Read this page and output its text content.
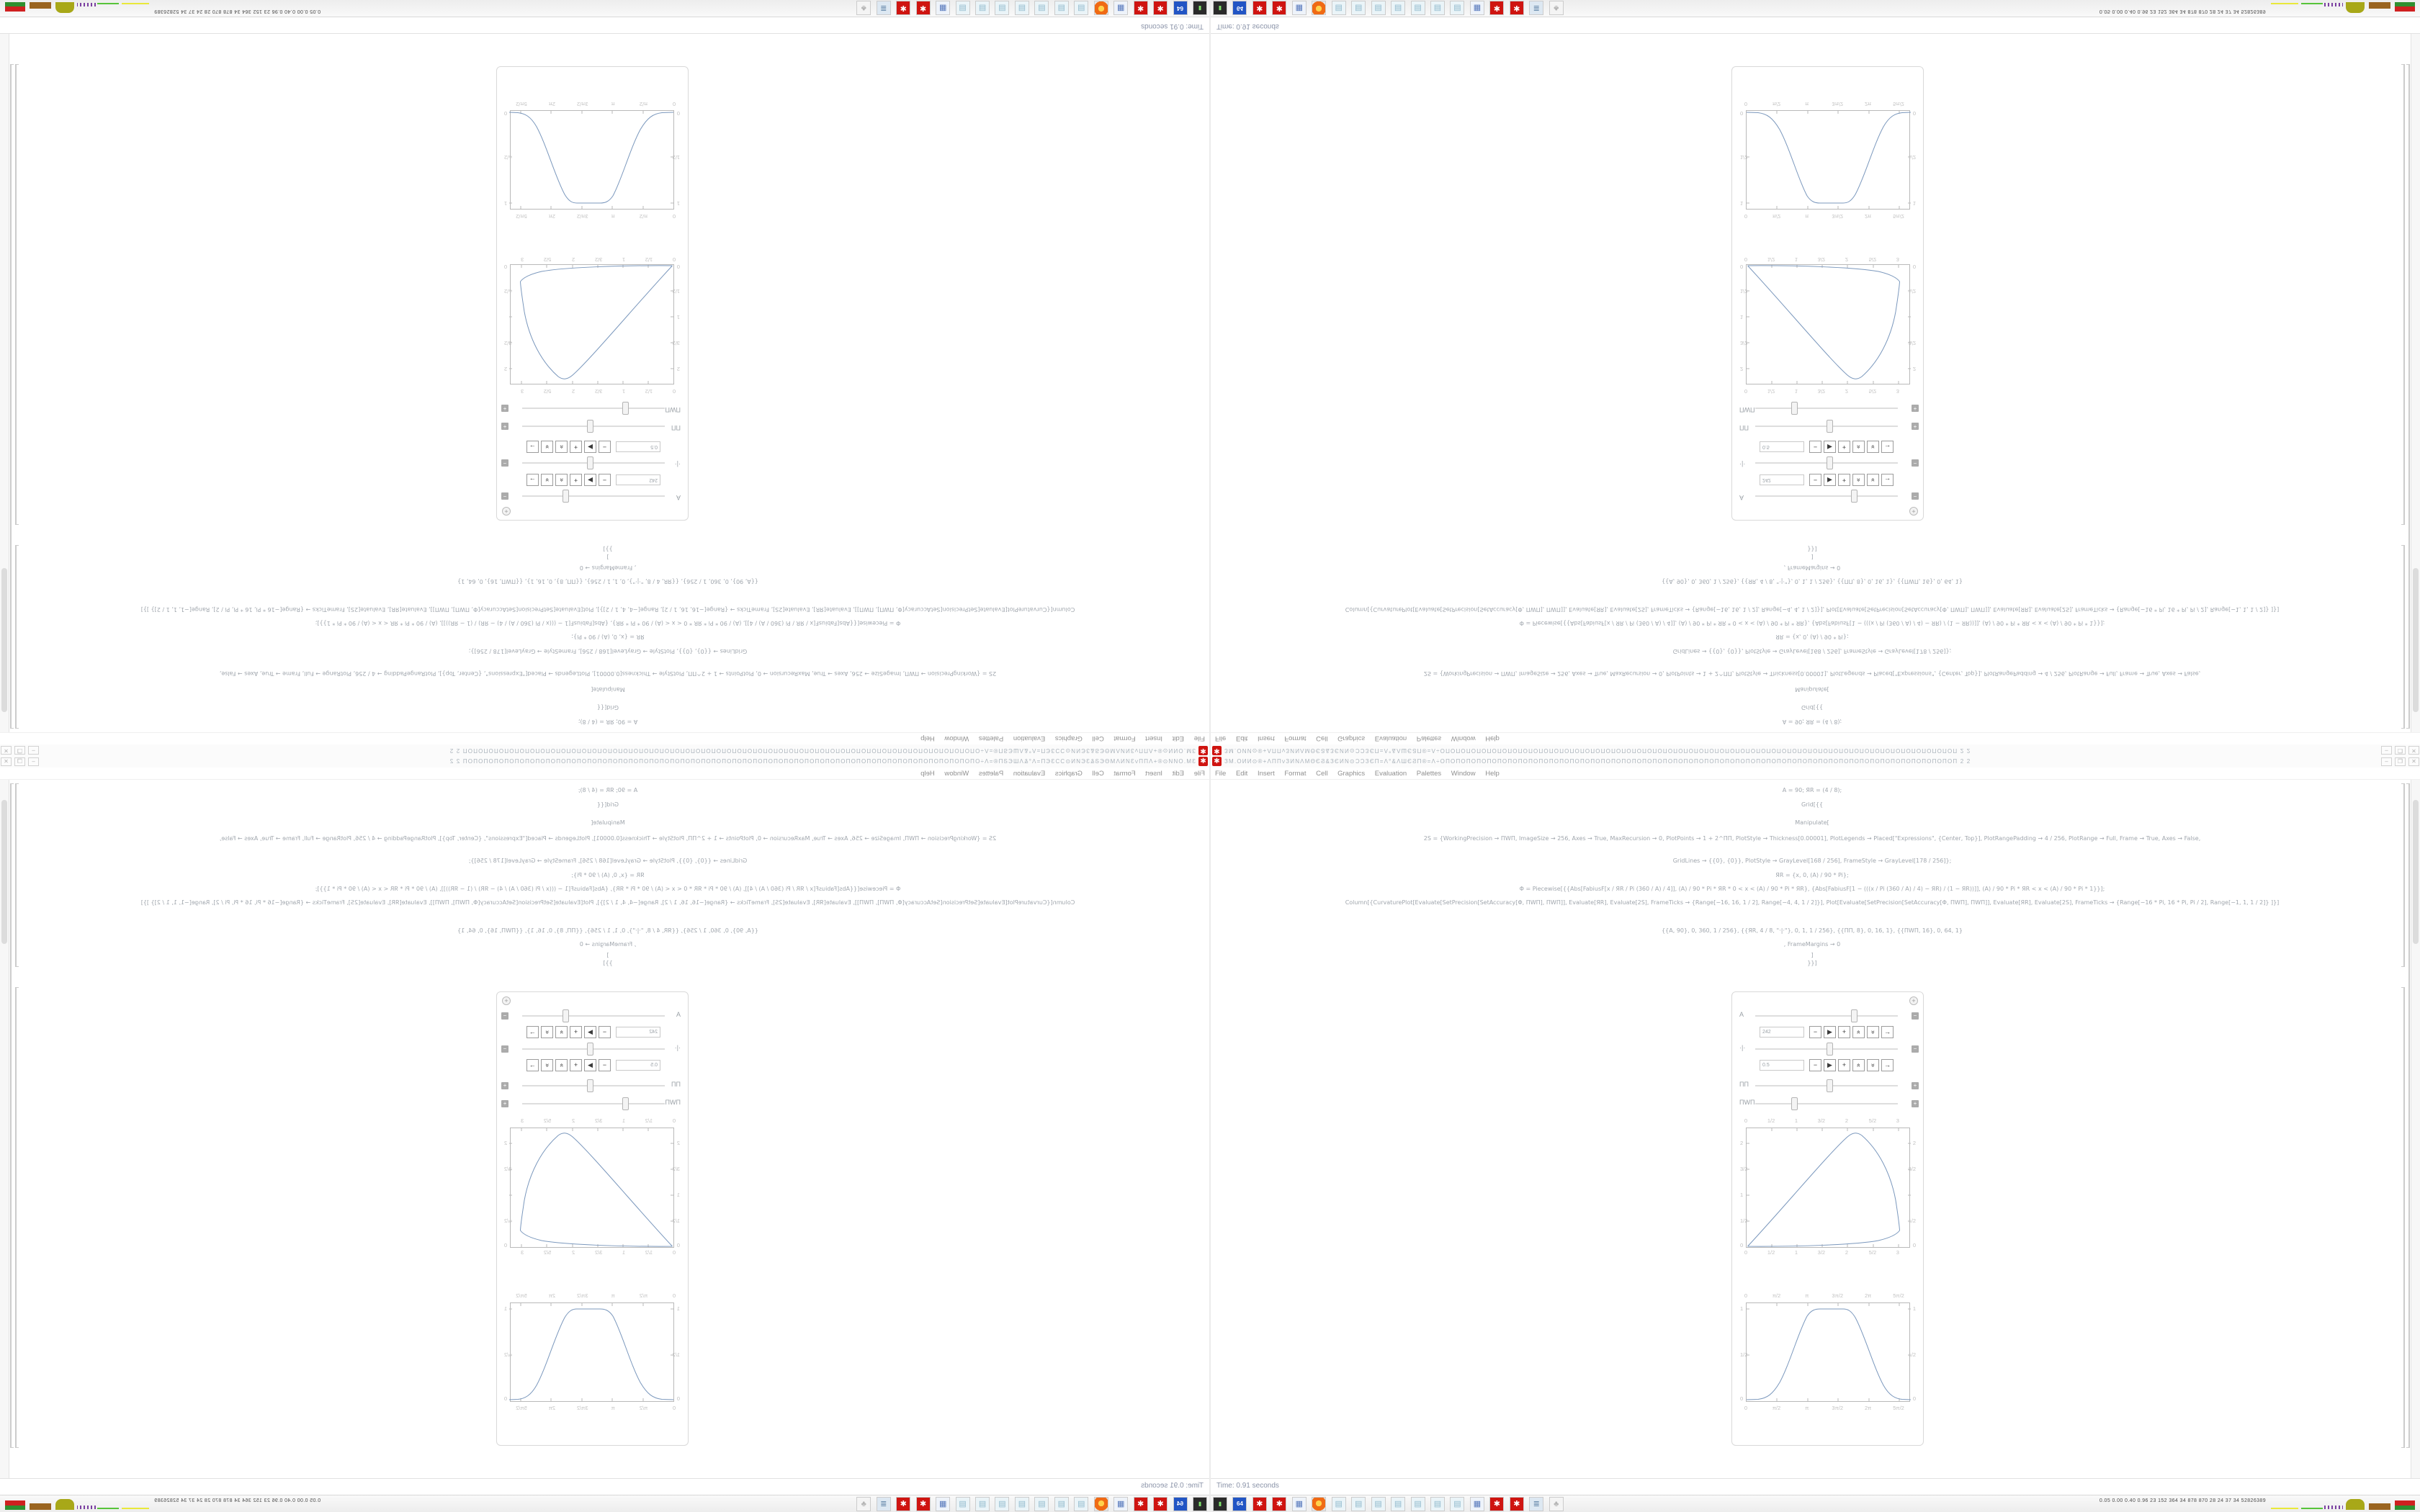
✱
ЗМ.ОИИ⊙®+ΛΠΠνЗИΝΛΜΘЄϨ&ЗЄИΝ⊙ƆƆЗЄП=Λ°&ΛШЄϨП®=Λ÷ОПОПОПОПОПОПОПОПОПОПОПОПОПОПОПОПОПОПОПОПОПОПОПОПОПОПОПОПОПОПОПОПОПОПОПОПОПОПОПОПОПОПОПОПОПОПОПОПОПОП 2 2
–
❐
✕
File Edit Insert Format Cell Graphics Evaluation Palettes Window Help
A = 90; ЯR = (4 / 8);
Grid[{{
Manipulate[
2S = {WorkingPrecision → ΠWΠ, ImageSize → 256, Axes → True, MaxRecursion → 0, PlotPoints → 1 + 2^ΠΠ, PlotStyle → Thickness[0.00001], PlotLegends → Placed["Expressions", {Center, Top}], PlotRangePadding → 4 / 256, PlotRange → Full, Frame → True, Axes → False,
GridLines → {{0}, {0}}, PlotStyle → GrayLevel[168 / 256], FrameStyle → GrayLevel[178 / 256]};
ЯR = {x, 0, (A) / 90 * Pi};
Φ = Piecewise[{{Abs[FabiusF[x / ЯR / Pi (360 / A) / 4]], (A) / 90 * Pi * ЯR * 0 < x < (A) / 90 * Pi * ЯR}, {Abs[FabiusF[1 − (((x / Pi (360 / A) / 4) − ЯR) / (1 − ЯR))]], (A) / 90 * Pi * ЯR < x < (A) / 90 * Pi * 1}}];
Column[{CurvaturePlot[Evaluate[SetPrecision[SetAccuracy[Φ, ΠWΠ], ΠWΠ]], Evaluate[ЯR], Evaluate[2S], FrameTicks → {Range[−16, 16, 1 / 2], Range[−4, 4, 1 / 2]}], Plot[Evaluate[SetPrecision[SetAccuracy[Φ, ΠWΠ], ΠWΠ]], Evaluate[ЯR], Evaluate[2S], FrameTicks → {Range[−16 * Pi, 16 * Pi, Pi / 2], Range[−1, 1, 1 / 2]} ]}]
{{A, 90}, 0, 360, 1 / 256}, {{ЯR, 4 / 8, "·|·"}, 0, 1, 1 / 256}, {{ΠΠ, 8}, 0, 16, 1}, {{ΠWΠ, 16}, 0, 64, 1}
, FrameMargins → 0
]
}}]
+
A
−
242
−
▶
+
«
»
→
·|·
−
0.5
−
▶
+
«
»
→
ΠΠ
+
ΠWΠ
+
0
1/2
1
3/2
2
5/2
3
2
3/2
1
1/2
0
2
3/2
1/2
0
0
1/2
1
3/2
2
5/2
3
0
π/2
π
3π/2
2π
5π/2
1
1/2
0
1
1/2
0
0
π/2
π
3π/2
2π
5π/2
Time: 0.91 seconds
▮ 64 ✱ ✱ ▦  ▤ ▤ ▤ ▤ ▤ ▤ ▤ ▦ ✱ ✱ ≣ ♣
0.05 0.00 0.40 0.96 23 152 364 34 878 870 28 24 37 34 52826389
✱ ЗМ.ОИИ⊙®+ΛΠΠνЗИΝΛΜΘЄϨ&ЗЄИΝ⊙ƆƆЗЄП=Λ°&ΛШЄϨП®=Λ÷ОПОПОПОПОПОПОПОПОПОПОПОПОПОПОПОПОПОПОПОПОПОПОПОПОПОПОПОПОПОПОПОПОПОПОПОПОПОПОПОПОПОПОПОПОПОПОПОПОПОП 2 2	–	❐	✕
File Edit Insert Format Cell Graphics Evaluation Palettes Window Help
A = 90; ЯR = (4 / 8);
Grid[{{
Manipulate[
2S = {WorkingPrecision → ΠWΠ, ImageSize → 256, Axes → True, MaxRecursion → 0, PlotPoints → 1 + 2^ΠΠ, PlotStyle → Thickness[0.00001], PlotLegends → Placed["Expressions", {Center, Top}], PlotRangePadding → 4 / 256, PlotRange → Full, Frame → True, Axes → False,
GridLines → {{0}, {0}}, PlotStyle → GrayLevel[168 / 256], FrameStyle → GrayLevel[178 / 256]};
ЯR = {x, 0, (A) / 90 * Pi};
Φ = Piecewise[{{Abs[FabiusF[x / ЯR / Pi (360 / A) / 4]], (A) / 90 * Pi * ЯR * 0 < x < (A) / 90 * Pi * ЯR}, {Abs[FabiusF[1 − (((x / Pi (360 / A) / 4) − ЯR) / (1 − ЯR))]], (A) / 90 * Pi * ЯR < x < (A) / 90 * Pi * 1}}];
Column[{CurvaturePlot[Evaluate[SetPrecision[SetAccuracy[Φ, ΠWΠ], ΠWΠ]], Evaluate[ЯR], Evaluate[2S], FrameTicks → {Range[−16, 16, 1 / 2], Range[−4, 4, 1 / 2]}], Plot[Evaluate[SetPrecision[SetAccuracy[Φ, ΠWΠ], ΠWΠ]], Evaluate[ЯR], Evaluate[2S], FrameTicks → {Range[−16 * Pi, 16 * Pi, Pi / 2], Range[−1, 1, 1 / 2]} ]}]
{{A, 90}, 0, 360, 1 / 256}, {{ЯR, 4 / 8, "·|·"}, 0, 1, 1 / 256}, {{ΠΠ, 8}, 0, 16, 1}, {{ΠWΠ, 16}, 0, 64, 1}
, FrameMargins → 0
]
}}]
+
A	−
242	−	▶	+	«	»	→
·|·	−
0.5	−	▶	+	«	»	→
ΠΠ	+
ΠWΠ	+
0	1/2	1	3/2	2	5/2	3
2
3/2
1
1/2
0
2
3/2
1/2
0
0	1/2	1	3/2	2	5/2	3
0	π/2	π	3π/2	2π	5π/2
1
1/2
0
1
1/2
0
0	π/2	π	3π/2	2π	5π/2
Time: 0.91 seconds
▮	64 ✱ ✱ ▦	▤ ▤ ▤ ▤ ▤ ▤ ▤ ▦ ✱ ✱ ≣ ♣	0.05 0.00 0.40 0.96 23 152 364 34 878 870 28 24 37 34 52826389
✱
ЗМ.ОИИ⊙®+ΛΠΠνЗИΝΛΜΘЄϨ&ЗЄИΝ⊙ƆƆЗЄП=Λ°&ΛШЄϨП®=Λ÷ОПОПОПОПОПОПОПОПОПОПОПОПОПОПОПОПОПОПОПОПОПОПОПОПОПОПОПОПОПОПОПОПОПОПОПОПОПОПОПОПОПОПОПОПОПОПОПОПОПОП 2 2
–
❐
✕
File Edit Insert Format Cell Graphics Evaluation Palettes Window Help
A = 90; ЯR = (4 / 8);
Grid[{{
Manipulate[
2S = {WorkingPrecision → ΠWΠ, ImageSize → 256, Axes → True, MaxRecursion → 0, PlotPoints → 1 + 2^ΠΠ, PlotStyle → Thickness[0.00001], PlotLegends → Placed["Expressions", {Center, Top}], PlotRangePadding → 4 / 256, PlotRange → Full, Frame → True, Axes → False,
GridLines → {{0}, {0}}, PlotStyle → GrayLevel[168 / 256], FrameStyle → GrayLevel[178 / 256]};
ЯR = {x, 0, (A) / 90 * Pi};
Φ = Piecewise[{{Abs[FabiusF[x / ЯR / Pi (360 / A) / 4]], (A) / 90 * Pi * ЯR * 0 < x < (A) / 90 * Pi * ЯR}, {Abs[FabiusF[1 − (((x / Pi (360 / A) / 4) − ЯR) / (1 − ЯR))]], (A) / 90 * Pi * ЯR < x < (A) / 90 * Pi * 1}}];
Column[{CurvaturePlot[Evaluate[SetPrecision[SetAccuracy[Φ, ΠWΠ], ΠWΠ]], Evaluate[ЯR], Evaluate[2S], FrameTicks → {Range[−16, 16, 1 / 2], Range[−4, 4, 1 / 2]}], Plot[Evaluate[SetPrecision[SetAccuracy[Φ, ΠWΠ], ΠWΠ]], Evaluate[ЯR], Evaluate[2S], FrameTicks → {Range[−16 * Pi, 16 * Pi, Pi / 2], Range[−1, 1, 1 / 2]} ]}]
{{A, 90}, 0, 360, 1 / 256}, {{ЯR, 4 / 8, "·|·"}, 0, 1, 1 / 256}, {{ΠΠ, 8}, 0, 16, 1}, {{ΠWΠ, 16}, 0, 64, 1}
, FrameMargins → 0
]
}}]
+
A
−
242
−
▶
+
«
»
→
·|·
−
0.5
−
▶
+
«
»
→
ΠΠ
+
ΠWΠ
+
0
1/2
1
3/2
2
5/2
3
2
3/2
1
1/2
0
2
3/2
1/2
0
0
1/2
1
3/2
2
5/2
3
0
π/2
π
3π/2
2π
5π/2
1
1/2
0
1
1/2
0
0
π/2
π
3π/2
2π
5π/2
Time: 0.91 seconds
▮ 64 ✱ ✱ ▦  ▤ ▤ ▤ ▤ ▤ ▤ ▤ ▦ ✱ ✱ ≣ ♣
0.05 0.00 0.40 0.96 23 152 364 34 878 870 28 24 37 34 52826389
✱ ЗМ.ОИИ⊙®+ΛΠΠνЗИΝΛΜΘЄϨ&ЗЄИΝ⊙ƆƆЗЄП=Λ°&ΛШЄϨП®=Λ÷ОПОПОПОПОПОПОПОПОПОПОПОПОПОПОПОПОПОПОПОПОПОПОПОПОПОПОПОПОПОПОПОПОПОПОПОПОПОПОПОПОПОПОПОПОПОПОПОПОПОП 2 2	–	❐	✕
File Edit Insert Format Cell Graphics Evaluation Palettes Window Help
A = 90; ЯR = (4 / 8);
Grid[{{
Manipulate[
2S = {WorkingPrecision → ΠWΠ, ImageSize → 256, Axes → True, MaxRecursion → 0, PlotPoints → 1 + 2^ΠΠ, PlotStyle → Thickness[0.00001], PlotLegends → Placed["Expressions", {Center, Top}], PlotRangePadding → 4 / 256, PlotRange → Full, Frame → True, Axes → False,
GridLines → {{0}, {0}}, PlotStyle → GrayLevel[168 / 256], FrameStyle → GrayLevel[178 / 256]};
ЯR = {x, 0, (A) / 90 * Pi};
Φ = Piecewise[{{Abs[FabiusF[x / ЯR / Pi (360 / A) / 4]], (A) / 90 * Pi * ЯR * 0 < x < (A) / 90 * Pi * ЯR}, {Abs[FabiusF[1 − (((x / Pi (360 / A) / 4) − ЯR) / (1 − ЯR))]], (A) / 90 * Pi * ЯR < x < (A) / 90 * Pi * 1}}];
Column[{CurvaturePlot[Evaluate[SetPrecision[SetAccuracy[Φ, ΠWΠ], ΠWΠ]], Evaluate[ЯR], Evaluate[2S], FrameTicks → {Range[−16, 16, 1 / 2], Range[−4, 4, 1 / 2]}], Plot[Evaluate[SetPrecision[SetAccuracy[Φ, ΠWΠ], ΠWΠ]], Evaluate[ЯR], Evaluate[2S], FrameTicks → {Range[−16 * Pi, 16 * Pi, Pi / 2], Range[−1, 1, 1 / 2]} ]}]
{{A, 90}, 0, 360, 1 / 256}, {{ЯR, 4 / 8, "·|·"}, 0, 1, 1 / 256}, {{ΠΠ, 8}, 0, 16, 1}, {{ΠWΠ, 16}, 0, 64, 1}
, FrameMargins → 0
]
}}]
+
A	−
242	−	▶	+	«	»	→
·|·	−
0.5	−	▶	+	«	»	→
ΠΠ	+
ΠWΠ	+
0	1/2	1	3/2	2	5/2	3
2
3/2
1
1/2
0
2
3/2
1/2
0
0	1/2	1	3/2	2	5/2	3
0	π/2	π	3π/2	2π	5π/2
1
1/2
0
1
1/2
0
0	π/2	π	3π/2	2π	5π/2
Time: 0.91 seconds
▮	64 ✱ ✱ ▦	▤ ▤ ▤ ▤ ▤ ▤ ▤ ▦ ✱ ✱ ≣ ♣	0.05 0.00 0.40 0.96 23 152 364 34 878 870 28 24 37 34 52826389
